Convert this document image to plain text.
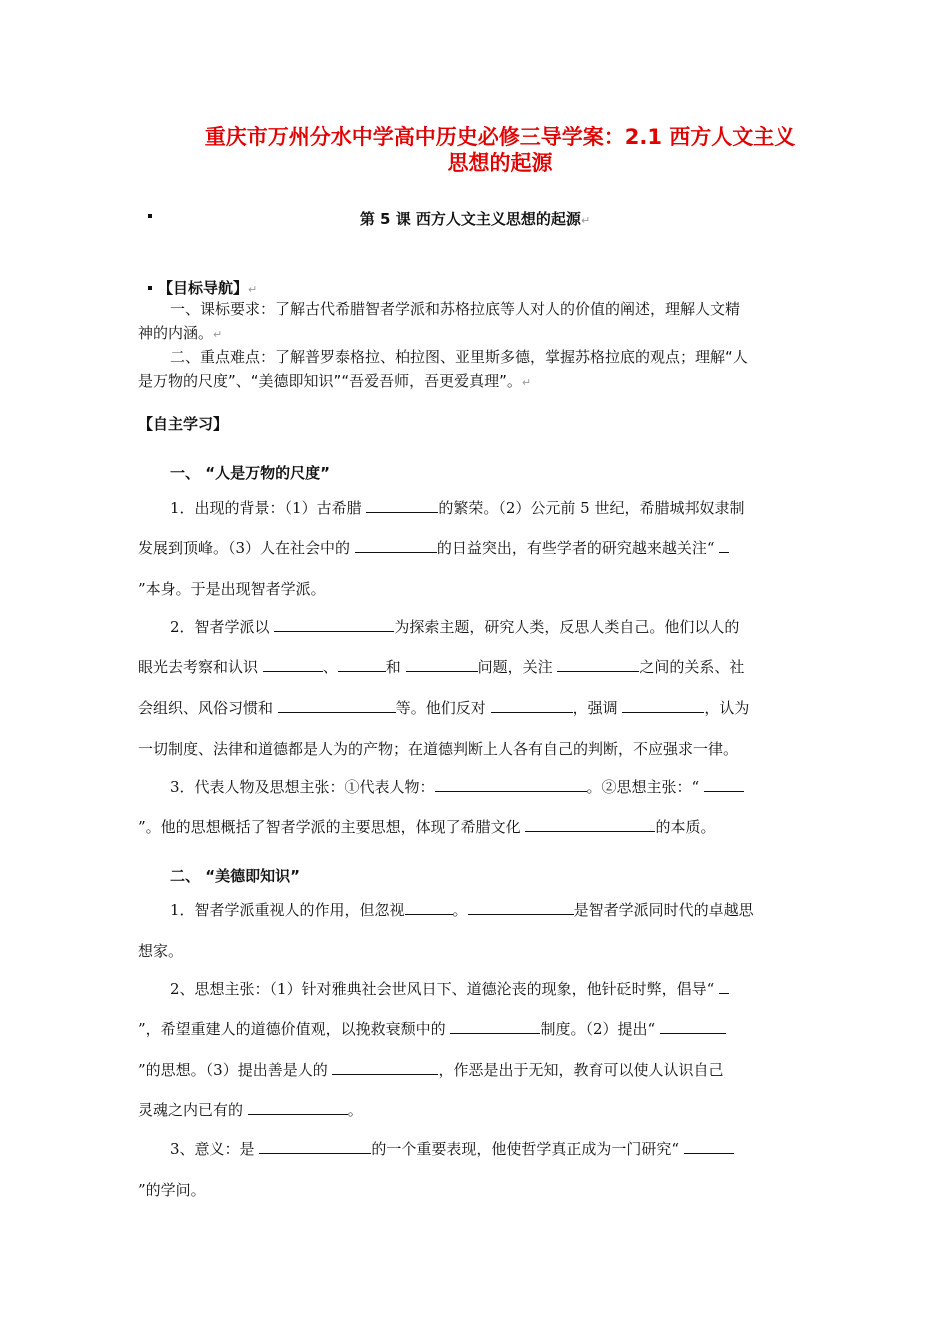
重庆市万州分水中学高中历史必修三导学案：2.1 西方人文主义
思想的起源
第 5 课 西方人文主义思想的起源↵
【目标导航】↵
一、课标要求：了解古代希腊智者学派和苏格拉底等人对人的价值的阐述，理解人文精
神的内涵。↵
二、重点难点：了解普罗泰格拉、柏拉图、亚里斯多德，掌握苏格拉底的观点；理解“人
是万物的尺度”、“美德即知识”“吾爱吾师，吾更爱真理”。↵
【自主学习】
一、 “人是万物的尺度”
1．出现的背景：（1）古希腊	的繁荣。（2）公元前 5 世纪，希腊城邦奴隶制
发展到顶峰。（3）人在社会中的	的日益突出，有些学者的研究越来越关注“
”本身。于是出现智者学派。
2．智者学派以	为探索主题，研究人类，反思人类自己。他们以人的
眼光去考察和认识	、	和	问题，关注	之间的关系、社
会组织、风俗习惯和	等。他们反对	，强调	，认为
一切制度、法律和道德都是人为的产物；在道德判断上人各有自己的判断，不应强求一律。
3．代表人物及思想主张：①代表人物：	。②思想主张：“
”。他的思想概括了智者学派的主要思想，体现了希腊文化	的本质。
二、 “美德即知识”
1．智者学派重视人的作用，但忽视	。	是智者学派同时代的卓越思
想家。
2、思想主张：（1）针对雅典社会世风日下、道德沦丧的现象，他针砭时弊，倡导“
”，希望重建人的道德价值观，以挽救衰颓中的	制度。（2）提出“
”的思想。（3）提出善是人的	，作恶是出于无知，教育可以使人认识自己
灵魂之内已有的	。
3、意义：是	的一个重要表现，他使哲学真正成为一门研究“
”的学问。
